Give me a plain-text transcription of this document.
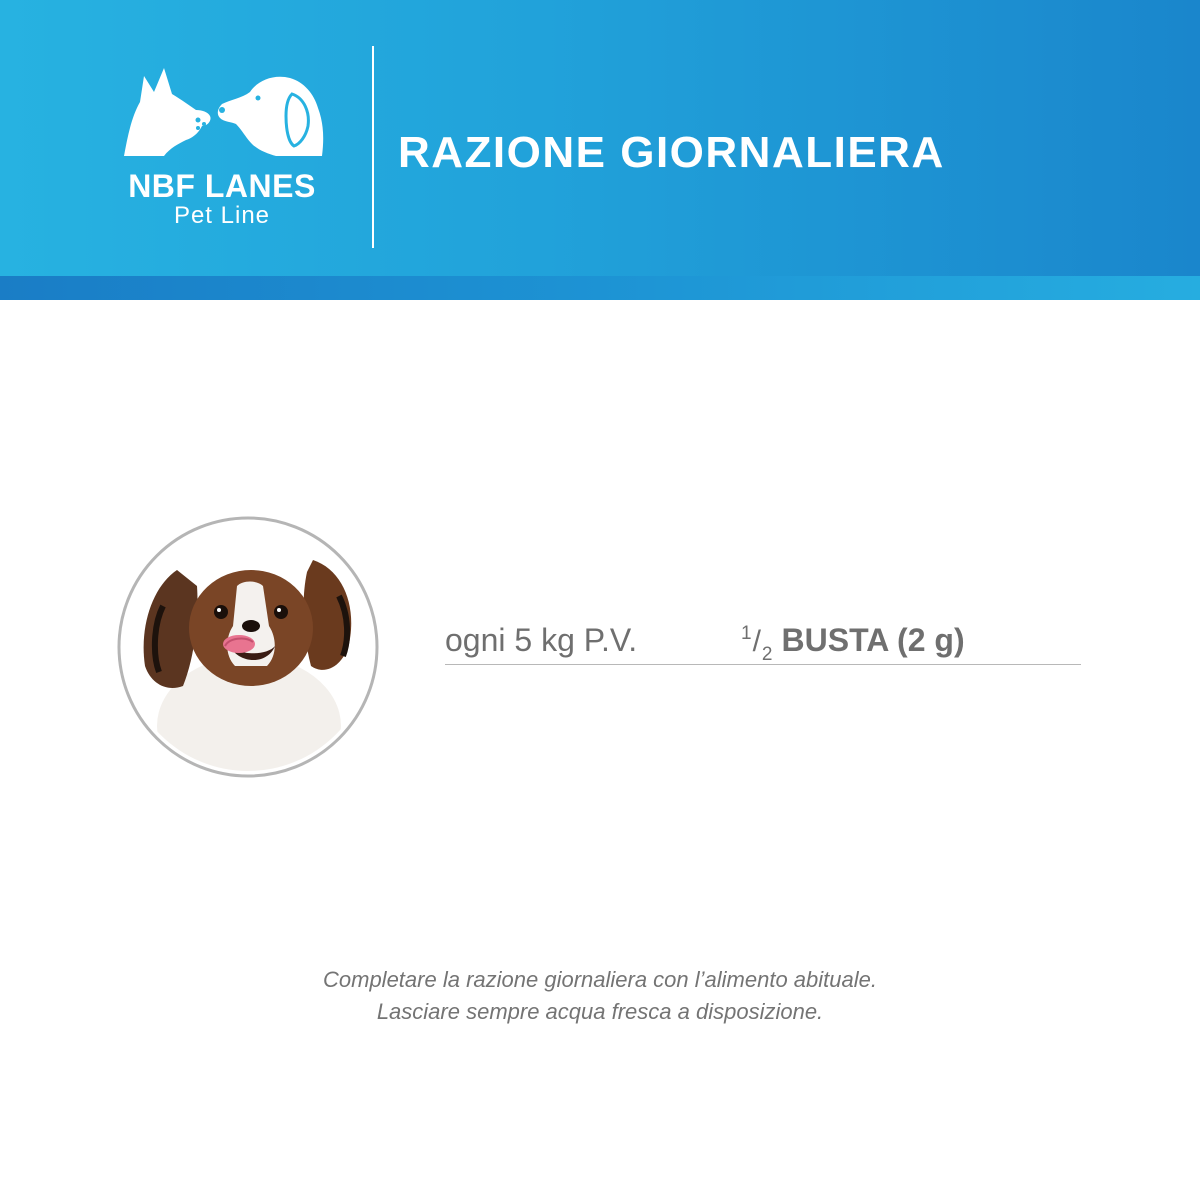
NBF LANES
Pet Line
RAZIONE GIORNALIERA
ogni 5 kg P.V.	$^1/_2$ BUSTA (2 g)
Completare la razione giornaliera con l’alimento abituale.
Lasciare sempre acqua fresca a disposizione.
